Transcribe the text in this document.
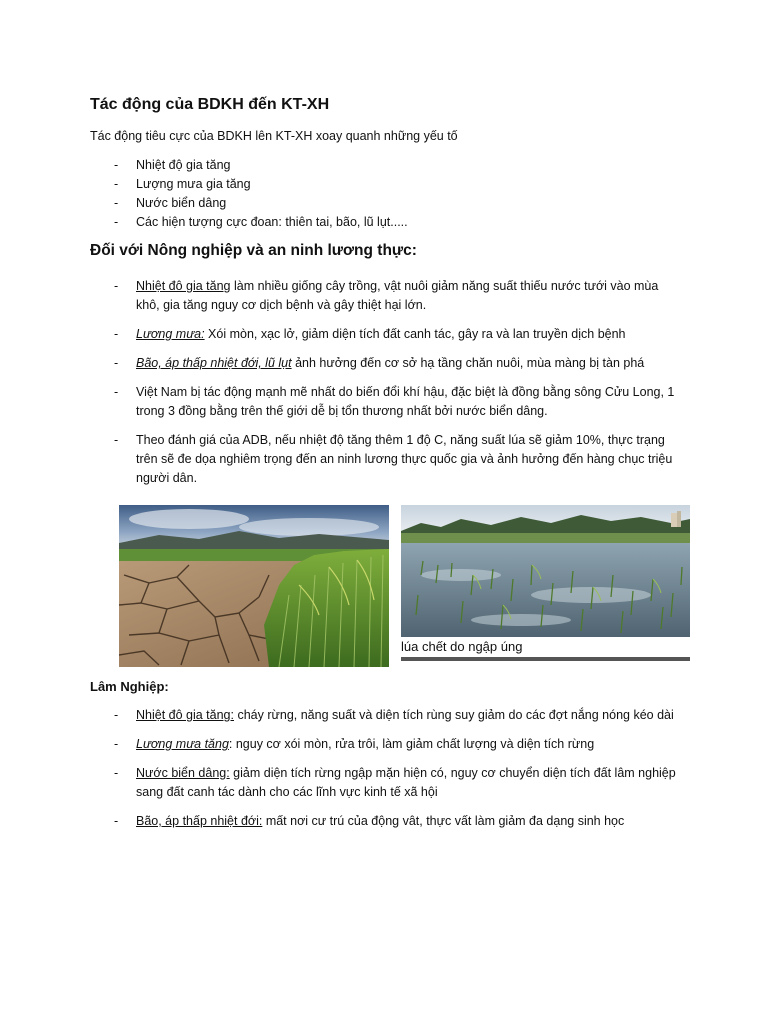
Tác động của BDKH đến KT-XH
Tác động tiêu cực của BDKH lên KT-XH xoay quanh những yếu tố
- Nhiệt độ gia tăng
- Lượng mưa gia tăng
- Nước biển dâng
- Các hiện tượng cực đoan: thiên tai, bão, lũ lụt.....
Đối với Nông nghiệp và an ninh lương thực:
- Nhiệt đô gia tăng làm nhiều giống cây trồng, vật nuôi giảm năng suất thiếu nước tưới vào mùa khô, gia tăng nguy cơ dịch bệnh và gây thiệt hại lớn.
- Lương mưa: Xói mòn, xạc lở, giảm diện tích đất canh tác, gây ra và lan truyền dịch bệnh
- Bão, áp thấp nhiệt đới, lũ lụt ảnh hưởng đến cơ sở hạ tầng chăn nuôi, mùa màng bị tàn phá
- Việt Nam bị tác động mạnh mẽ nhất do biến đổi khí hậu, đặc biệt là đồng bằng sông Cửu Long, 1 trong 3 đồng bằng trên thế giới dễ bị tổn thương nhất bởi nước biển dâng.
- Theo đánh giá của ADB, nếu nhiệt độ tăng thêm 1 độ C, năng suất lúa sẽ giảm 10%, thực trạng trên sẽ đe dọa nghiêm trọng đến an ninh lương thực quốc gia và ảnh hưởng đến hàng chục triệu người dân.
lúa chết do ngập úng
Lâm Nghiệp:
- Nhiệt đô gia tăng: cháy rừng, năng suất và diện tích rùng suy giảm do các đợt nắng nóng kéo dài
- Lương mưa tăng: nguy cơ xói mòn, rửa trôi, làm giảm chất lượng và diện tích rừng
- Nước biển dâng: giảm diện tích rừng ngập mặn hiện có, nguy cơ chuyển diện tích đất lâm nghiệp sang đất canh tác dành cho các lĩnh vực kinh tế xã hội
- Bão, áp thấp nhiệt đới: mất nơi cư trú của động vât, thực vất làm giảm đa dạng sinh học
